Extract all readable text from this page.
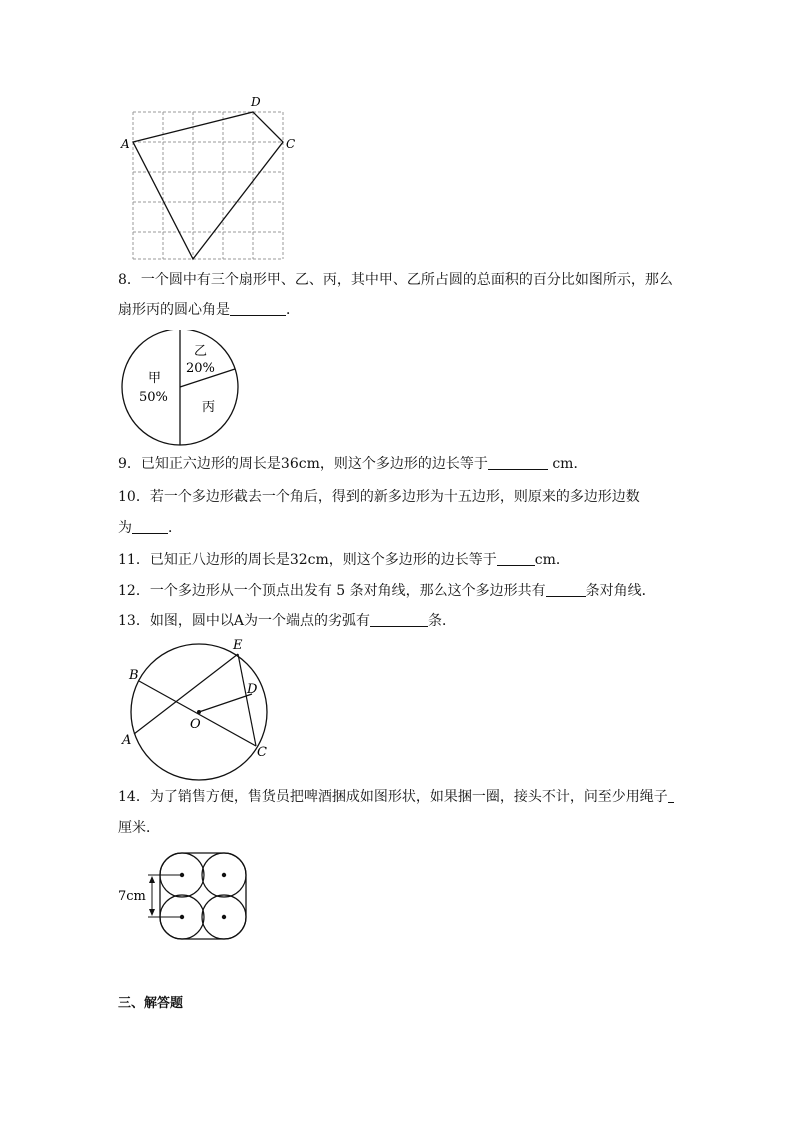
A
D
C
8．一个圆中有三个扇形甲、乙、丙，其中甲、乙所占圆的总面积的百分比如图所示，那么
扇形丙的圆心角是	．
甲
50%
乙
20%
丙
9．已知正六边形的周长是36cm，则这个多边形的边长等于	cm．
10．若一个多边形截去一个角后，得到的新多边形为十五边形，则原来的多边形边数
为	．
11．已知正八边形的周长是32cm，则这个多边形的边长等于	cm．
12．一个多边形从一个顶点出发有 5 条对角线，那么这个多边形共有	条对角线．
13．如图，圆中以A为一个端点的劣弧有	条．
B
E
D
A
O
C
14．为了销售方便，售货员把啤酒捆成如图形状，如果捆一圈，接头不计，问至少用绳子
厘米．
7cm
三、解答题
